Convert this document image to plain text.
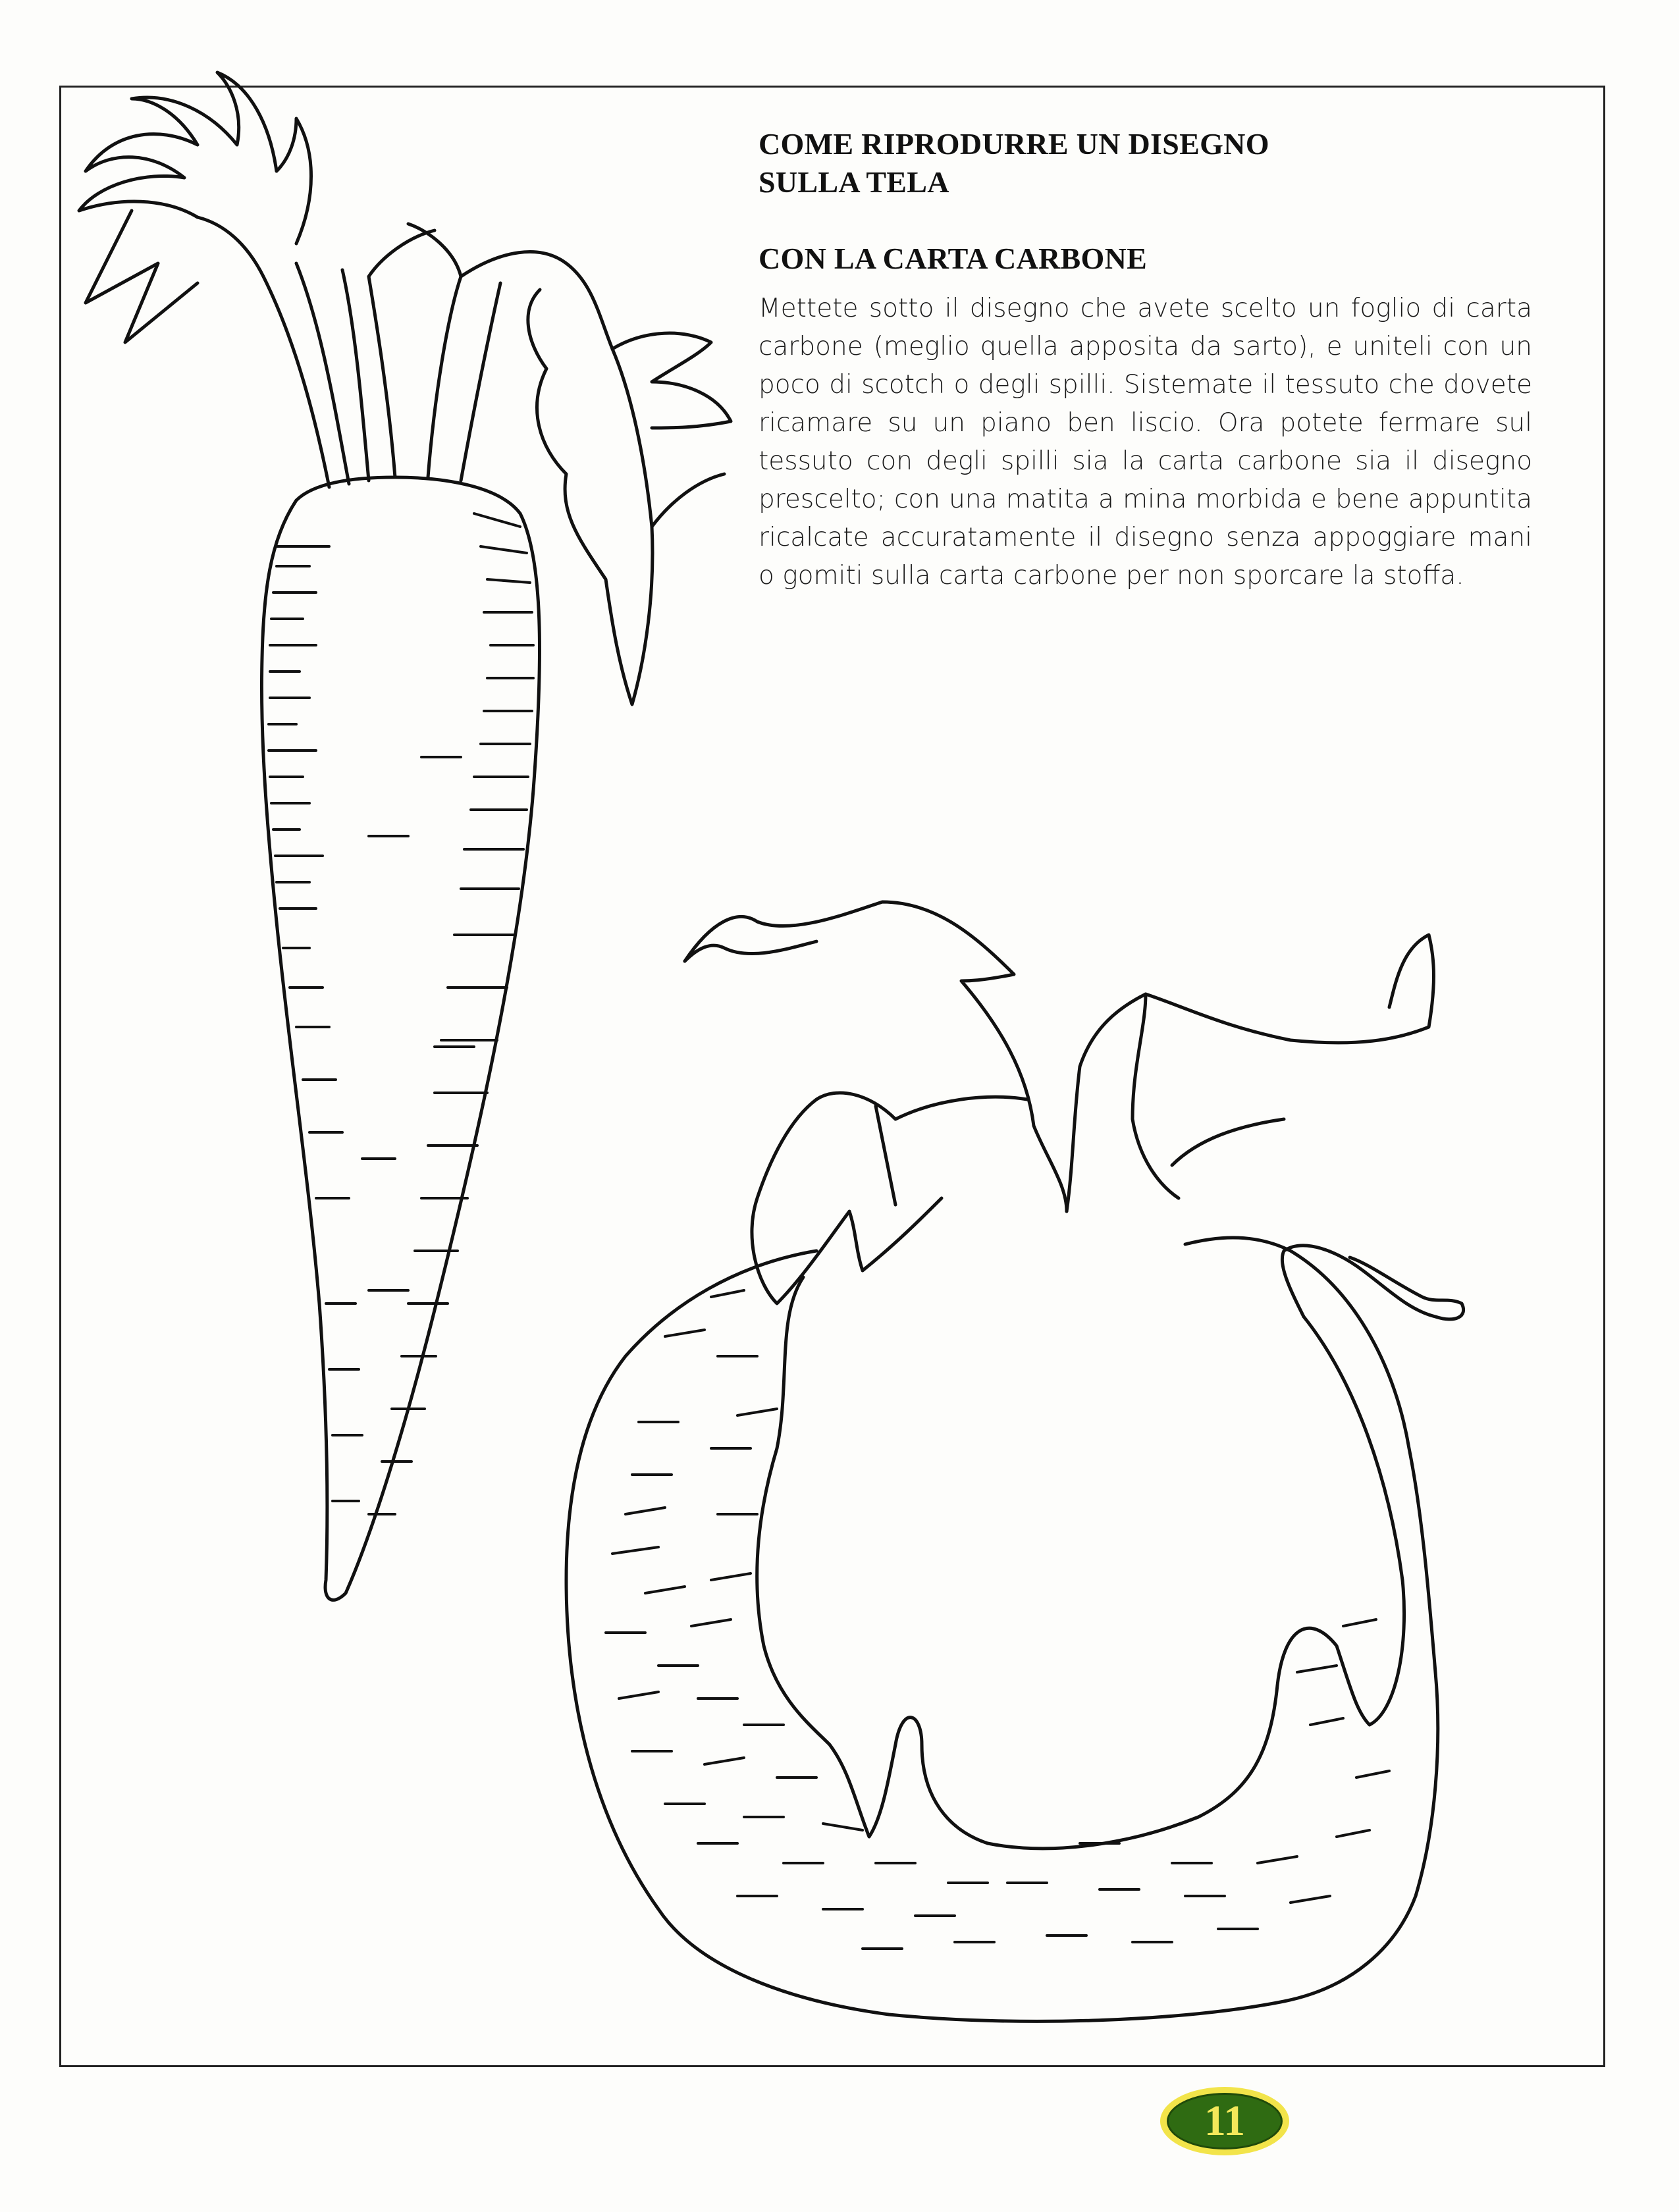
COME RIPRODURRE UN DISEGNO SULLA TELA
CON LA CARTA CARBONE

Mettete sotto il disegno che avete scelto un foglio di carta carbone (meglio quella apposita da sarto), e uniteli con un poco di scotch o degli spilli. Sistemate il tessuto che dovete ricamare su un piano ben liscio. Ora potete fermare sul tessuto con degli spilli sia la carta carbone sia il disegno prescelto; con una matita a mina morbida e bene appuntita ricalcate accuratamente il disegno senza appoggiare mani o gomiti sulla carta carbone per non sporcare la stoffa.

11
